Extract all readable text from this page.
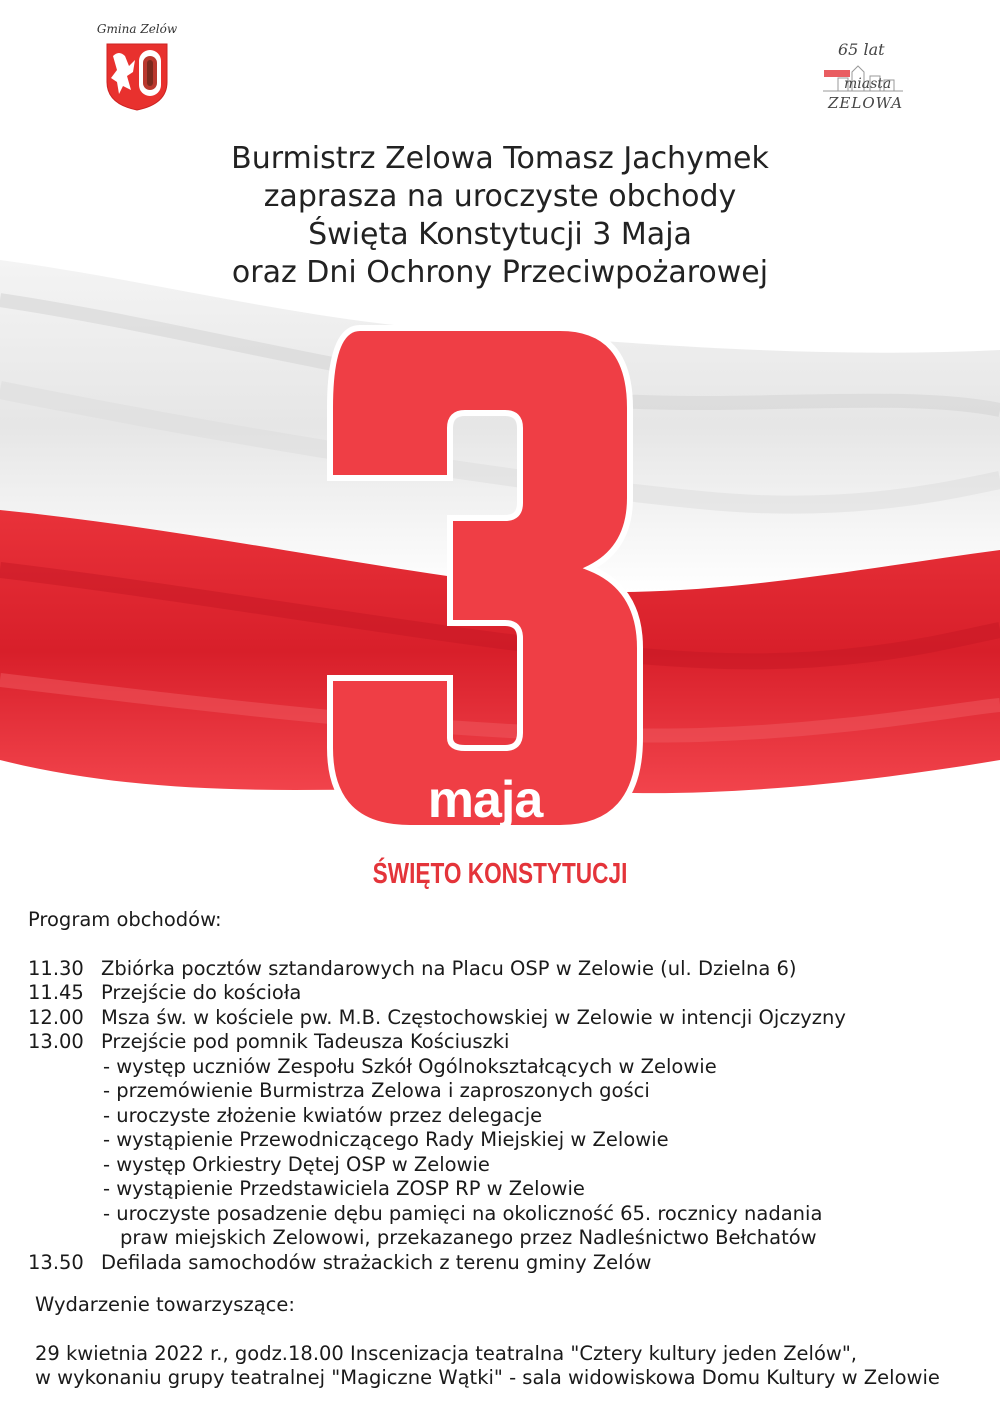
Gmina Zelów
65 lat
miasta
ZELOWA
Burmistrz Zelowa Tomasz Jachymek
zaprasza na uroczyste obchody
Święta Konstytucji 3 Maja
oraz Dni Ochrony Przeciwpożarowej
maja
ŚWIĘTO KONSTYTUCJI
Program obchodów:
11.30 Zbiórka pocztów sztandarowych na Placu OSP w Zelowie (ul. Dzielna 6)
11.45 Przejście do kościoła
12.00 Msza św. w kościele pw. M.B. Częstochowskiej w Zelowie w intencji Ojczyzny
13.00 Przejście pod pomnik Tadeusza Kościuszki
- występ uczniów Zespołu Szkół Ogólnokształcących w Zelowie
- przemówienie Burmistrza Zelowa i zaproszonych gości
- uroczyste złożenie kwiatów przez delegacje
- wystąpienie Przewodniczącego Rady Miejskiej w Zelowie
- występ Orkiestry Dętej OSP w Zelowie
- wystąpienie Przedstawiciela ZOSP RP w Zelowie
- uroczyste posadzenie dębu pamięci na okoliczność 65. rocznicy nadania
praw miejskich Zelowowi, przekazanego przez Nadleśnictwo Bełchatów
13.50 Defilada samochodów strażackich z terenu gminy Zelów
Wydarzenie towarzyszące:
29 kwietnia 2022 r., godz.18.00 Inscenizacja teatralna "Cztery kultury jeden Zelów",
w wykonaniu grupy teatralnej "Magiczne Wątki" - sala widowiskowa Domu Kultury w Zelowie
